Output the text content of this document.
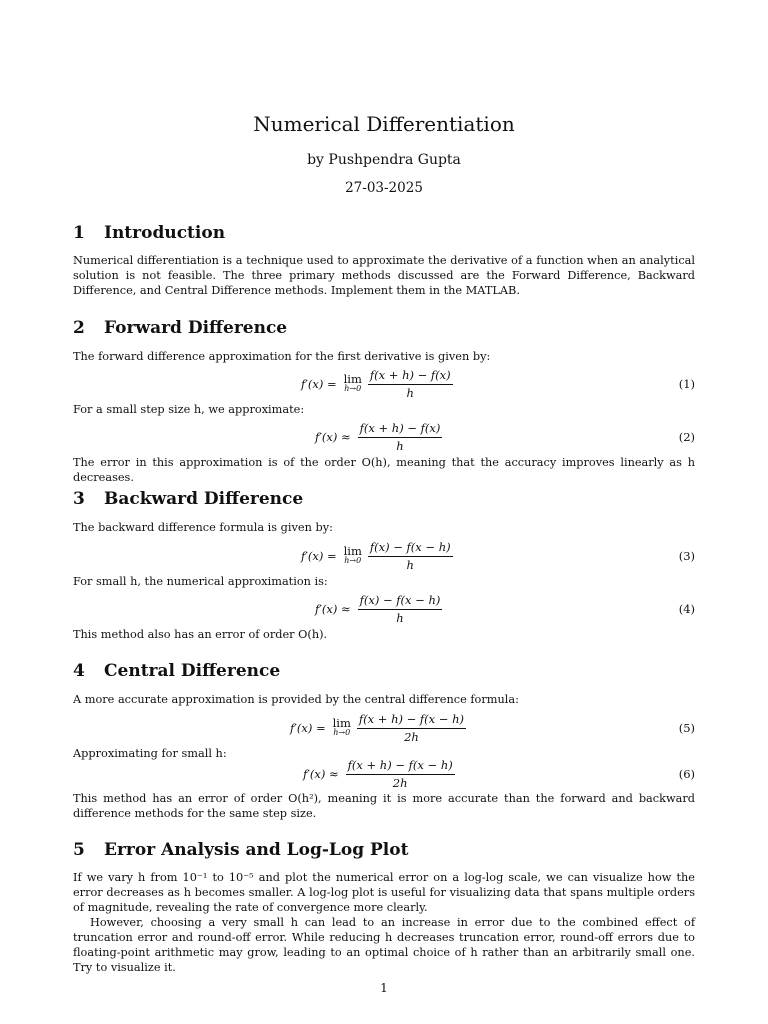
Numerical Differentiation
by Pushpendra Gupta
27-03-2025
1 Introduction
Numerical differentiation is a technique used to approximate the derivative of a function when an analytical solution is not feasible. The three primary methods discussed are the Forward Difference, Backward Difference, and Central Difference methods. Implement them in the MATLAB.
2 Forward Difference
The forward difference approximation for the first derivative is given by:
f′(x) = lim
$h\to 0 \frac{f(x + h) - f(x)}{h}$	(1)
For a small step size h, we approximate:
$f'(x) \approx \frac{f(x + h) - f(x)}{h}$	(2)
The error in this approximation is of the order O(h), meaning that the accuracy improves linearly as h decreases.
3 Backward Difference
The backward difference formula is given by:
f′(x) = lim
$h\to 0 \frac{f(x) - f(x - h)}{h}$	(3)
For small h, the numerical approximation is:
$f'(x) \approx \frac{f(x) - f(x - h)}{h}$	(4)
This method also has an error of order O(h).
4 Central Difference
A more accurate approximation is provided by the central difference formula:
f′(x) = lim
$h\to 0 \frac{f(x + h) - f(x - h)}{2h}$	(5)
Approximating for small h:
$f'(x) \approx \frac{f(x + h) - f(x - h)}{2h}$	(6)
This method has an error of order O(h²), meaning it is more accurate than the forward and backward difference methods for the same step size.
5 Error Analysis and Log-Log Plot
If we vary h from 10⁻¹ to 10⁻⁵ and plot the numerical error on a log-log scale, we can visualize how the error decreases as h becomes smaller. A log-log plot is useful for visualizing data that spans multiple orders of magnitude, revealing the rate of convergence more clearly.
However, choosing a very small h can lead to an increase in error due to the combined effect of truncation error and round-off error. While reducing h decreases truncation error, round-off errors due to floating-point arithmetic may grow, leading to an optimal choice of h rather than an arbitrarily small one. Try to visualize it.
1
